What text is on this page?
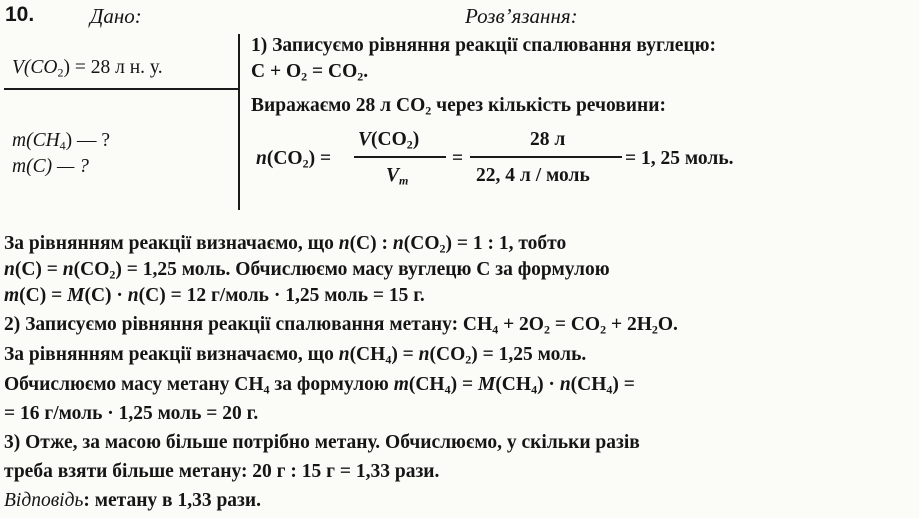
10.	Дано:	Розв’язання:
$V(CO_2) = 28$ л н. у.
$m(CH_4)$ — ?
m(C) — ?
1) Записуємо рівняння реакції спалювання вуглецю:
$C + O_2 = CO_2$.
Виражаємо 28 л $CO_2$ через кількість речовини:
$n(CO_2)$ =
$V(CO_2)$
$V_m$
=
28 л
22, 4 л / моль
= 1, 25 моль.
За рівнянням реакції визначаємо, що n(C) : $n(CO_2) = 1$ : 1, тобто
$n(C) = n(CO_2) = 1,25$ моль. Обчислюємо масу вуглецю C за формулою
m(C) = M(C) · n(C) = 12 г/моль · 1,25 моль = 15 г.
2) Записуємо рівняння реакції спалювання метану: $CH_4 + 2O_2 = CO_2 + 2H_2O$.
За рівнянням реакції визначаємо, що $n(CH_4) = n(CO_2) = 1,25$ моль.
Обчислюємо масу метану $CH_4$ за формулою $m(CH_4) = M(CH_4) \cdot n(CH_4)$ =
= 16 г/моль · 1,25 моль = 20 г.
3) Отже, за масою більше потрібно метану. Обчислюємо, у скільки разів
треба взяти більше метану: 20 г : 15 г = 1,33 рази.
Відповідь: метану в 1,33 рази.
